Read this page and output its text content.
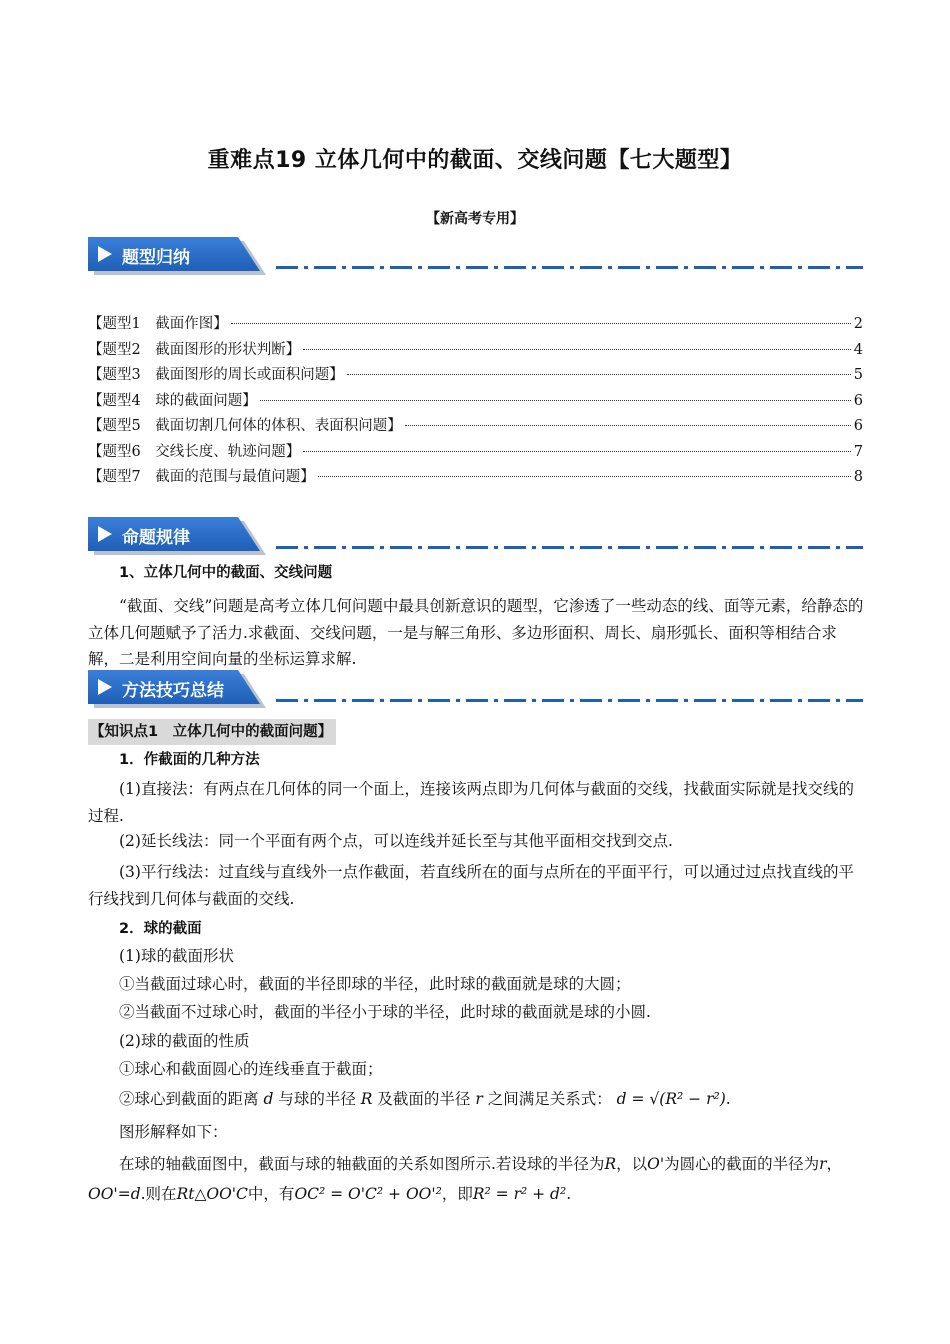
重难点19 立体几何中的截面、交线问题【七大题型】
【新高考专用】
题型归纳
【题型1　截面作图】	2
【题型2　截面图形的形状判断】	4
【题型3　截面图形的周长或面积问题】	5
【题型4　球的截面问题】	6
【题型5　截面切割几何体的体积、表面积问题】	6
【题型6　交线长度、轨迹问题】	7
【题型7　截面的范围与最值问题】	8
命题规律
1、立体几何中的截面、交线问题
“截面、交线”问题是高考立体几何问题中最具创新意识的题型，它渗透了一些动态的线、面等元素，给静态的立体几何题赋予了活力.求截面、交线问题，一是与解三角形、多边形面积、周长、扇形弧长、面积等相结合求解，二是利用空间向量的坐标运算求解.
方法技巧总结
【知识点1　立体几何中的截面问题】
1．作截面的几种方法
(1)直接法：有两点在几何体的同一个面上，连接该两点即为几何体与截面的交线，找截面实际就是找交线的过程.
(2)延长线法：同一个平面有两个点，可以连线并延长至与其他平面相交找到交点.
(3)平行线法：过直线与直线外一点作截面，若直线所在的面与点所在的平面平行，可以通过过点找直线的平行线找到几何体与截面的交线.
2．球的截面
(1)球的截面形状
①当截面过球心时，截面的半径即球的半径，此时球的截面就是球的大圆；
②当截面不过球心时，截面的半径小于球的半径，此时球的截面就是球的小圆.
(2)球的截面的性质
①球心和截面圆心的连线垂直于截面；
②球心到截面的距离 d 与球的半径 R 及截面的半径 r 之间满足关系式： d = √(R² − r²).
图形解释如下：
在球的轴截面图中，截面与球的轴截面的关系如图所示.若设球的半径为R，以O'为圆心的截面的半径为r，OO'=d.则在Rt△OO'C中，有OC² = O'C² + OO'²，即R² = r² + d².
